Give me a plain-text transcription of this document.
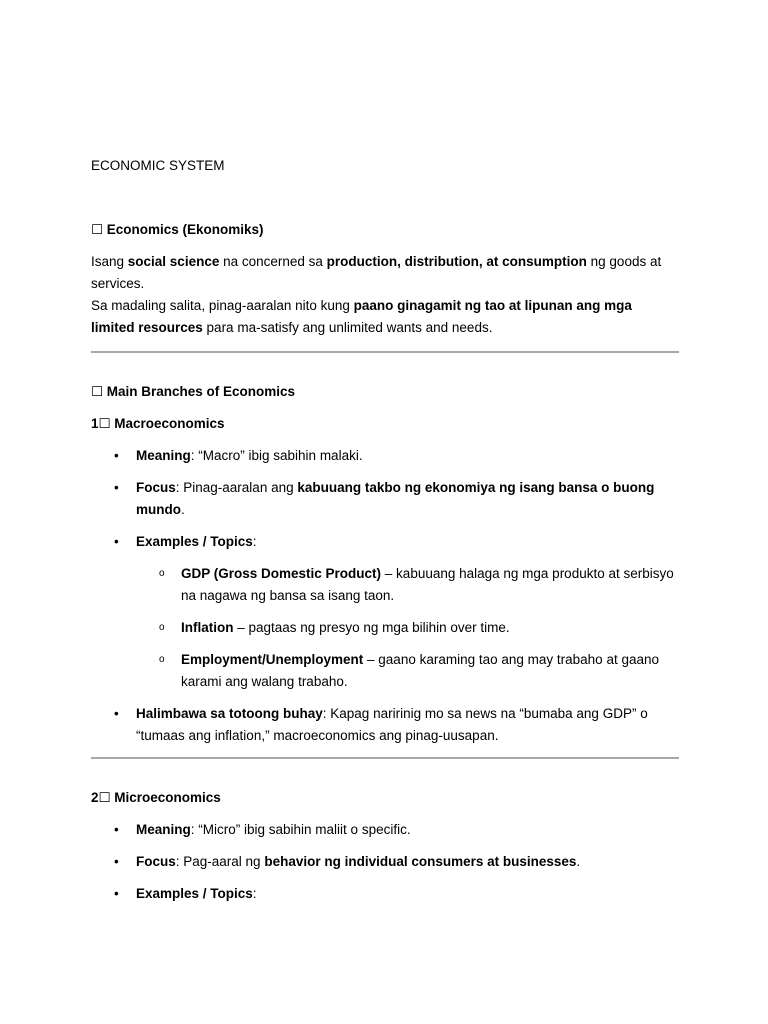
ECONOMIC SYSTEM

☐ Economics (Ekonomiks)

Isang social science na concerned sa production, distribution, at consumption ng goods at services.

Sa madaling salita, pinag-aaralan nito kung paano ginagamit ng tao at lipunan ang mga limited resources para ma-satisfy ang unlimited wants and needs.

☐ Main Branches of Economics

1☐ Macroeconomics

• Meaning: “Macro” ibig sabihin malaki.
• Focus: Pinag-aaralan ang kabuuang takbo ng ekonomiya ng isang bansa o buong mundo.
• Examples / Topics:
o GDP (Gross Domestic Product) – kabuuang halaga ng mga produkto at serbisyo na nagawa ng bansa sa isang taon.
o Inflation – pagtaas ng presyo ng mga bilihin over time.
o Employment/Unemployment – gaano karaming tao ang may trabaho at gaano karami ang walang trabaho.
• Halimbawa sa totoong buhay: Kapag naririnig mo sa news na “bumaba ang GDP” o “tumaas ang inflation,” macroeconomics ang pinag-uusapan.

2☐ Microeconomics

• Meaning: “Micro” ibig sabihin maliit o specific.
• Focus: Pag-aaral ng behavior ng individual consumers at businesses.
• Examples / Topics:
